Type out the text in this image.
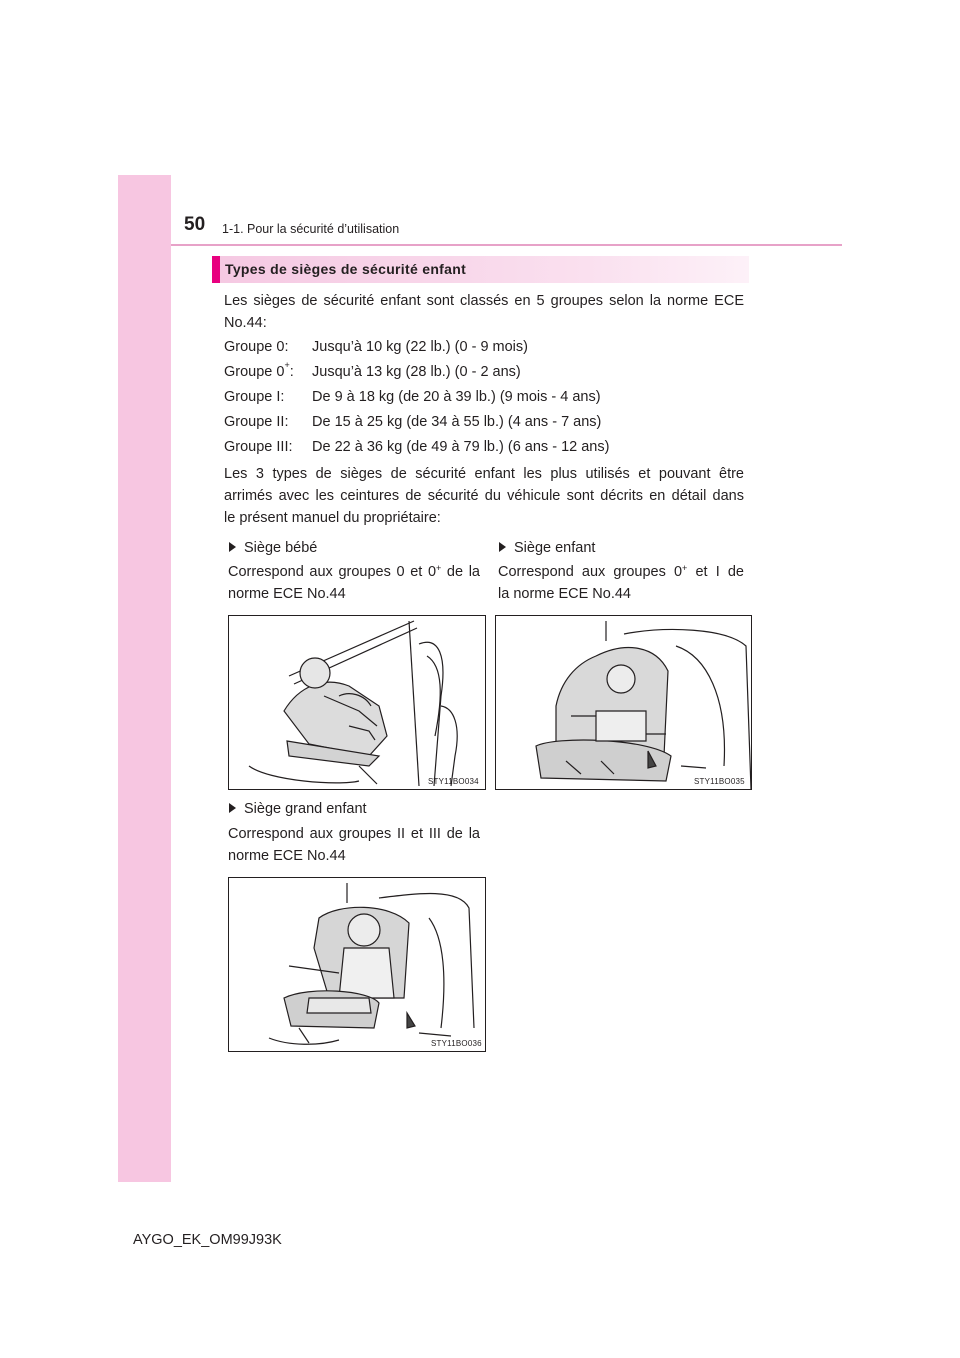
50 1-1. Pour la sécurité d’utilisation
Types de sièges de sécurité enfant
Les sièges de sécurité enfant sont classés en 5 groupes selon la norme ECE
No.44:
Groupe 0: Jusqu’à 10 kg (22 lb.) (0 - 9 mois)
Groupe 0+: Jusqu’à 13 kg (28 lb.) (0 - 2 ans)
Groupe I: De 9 à 18 kg (de 20 à 39 lb.) (9 mois - 4 ans)
Groupe II: De 15 à 25 kg (de 34 à 55 lb.) (4 ans - 7 ans)
Groupe III: De 22 à 36 kg (de 49 à 79 lb.) (6 ans - 12 ans)
Les 3 types de sièges de sécurité enfant les plus utilisés et pouvant être
arrimés avec les ceintures de sécurité du véhicule sont décrits en détail dans
le présent manuel du propriétaire:
Siège bébé
Correspond aux groupes 0 et 0+ de la
norme ECE No.44
Siège enfant
Correspond aux groupes 0+ et I de
la norme ECE No.44
STY11BO034	STY11BO035
Siège grand enfant
Correspond aux groupes II et III de la
norme ECE No.44
STY11BO036
AYGO_EK_OM99J93K
